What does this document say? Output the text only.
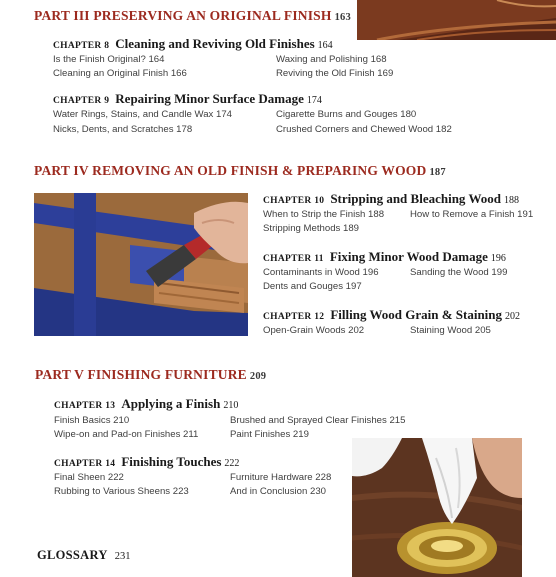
PART III PRESERVING AN ORIGINAL FINISH 163
CHAPTER 8 Cleaning and Reviving Old Finishes 164
Is the Finish Original? 164
Cleaning an Original Finish 166
Waxing and Polishing 168
Reviving the Old Finish 169
CHAPTER 9 Repairing Minor Surface Damage 174
Water Rings, Stains, and Candle Wax 174
Nicks, Dents, and Scratches 178
Cigarette Burns and Gouges 180
Crushed Corners and Chewed Wood 182
PART IV REMOVING AN OLD FINISH & PREPARING WOOD 187
CHAPTER 10 Stripping and Bleaching Wood 188
When to Strip the Finish 188
Stripping Methods 189
How to Remove a Finish 191
CHAPTER 11 Fixing Minor Wood Damage 196
Contaminants in Wood 196
Dents and Gouges 197
Sanding the Wood 199
CHAPTER 12 Filling Wood Grain & Staining 202
Open-Grain Woods 202	Staining Wood 205
PART V FINISHING FURNITURE 209
CHAPTER 13 Applying a Finish 210
Finish Basics 210
Wipe-on and Pad-on Finishes 211
Brushed and Sprayed Clear Finishes 215
Paint Finishes 219
CHAPTER 14 Finishing Touches 222
Final Sheen 222
Rubbing to Various Sheens 223
Furniture Hardware 228
And in Conclusion 230
GLOSSARY 231
